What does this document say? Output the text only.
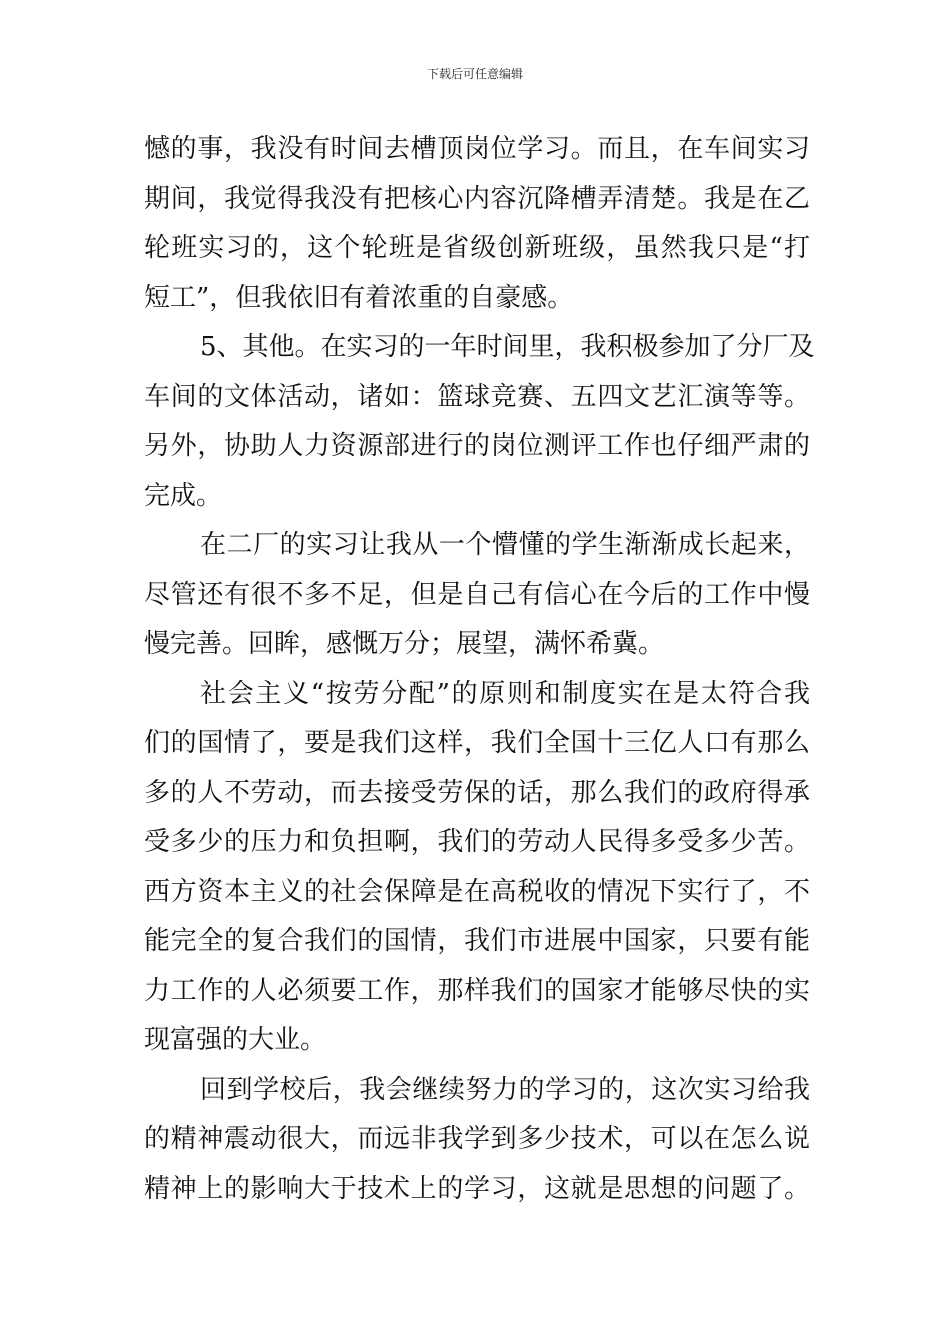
下载后可任意编辑
憾的事，我没有时间去槽顶岗位学习。而且，在车间实习
期间，我觉得我没有把核心内容沉降槽弄清楚。我是在乙
轮班实习的，这个轮班是省级创新班级，虽然我只是“打
短工”，但我依旧有着浓重的自豪感。
5、其他。在实习的一年时间里，我积极参加了分厂及
车间的文体活动，诸如：篮球竞赛、五四文艺汇演等等。
另外，协助人力资源部进行的岗位测评工作也仔细严肃的
完成。
在二厂的实习让我从一个懵懂的学生渐渐成长起来，
尽管还有很不多不足，但是自己有信心在今后的工作中慢
慢完善。回眸，感慨万分；展望，满怀希冀。
社会主义“按劳分配”的原则和制度实在是太符合我
们的国情了，要是我们这样，我们全国十三亿人口有那么
多的人不劳动，而去接受劳保的话，那么我们的政府得承
受多少的压力和负担啊，我们的劳动人民得多受多少苦。
西方资本主义的社会保障是在高税收的情况下实行了，不
能完全的复合我们的国情，我们市进展中国家，只要有能
力工作的人必须要工作，那样我们的国家才能够尽快的实
现富强的大业。
回到学校后，我会继续努力的学习的，这次实习给我
的精神震动很大，而远非我学到多少技术，可以在怎么说
精神上的影响大于技术上的学习，这就是思想的问题了。
